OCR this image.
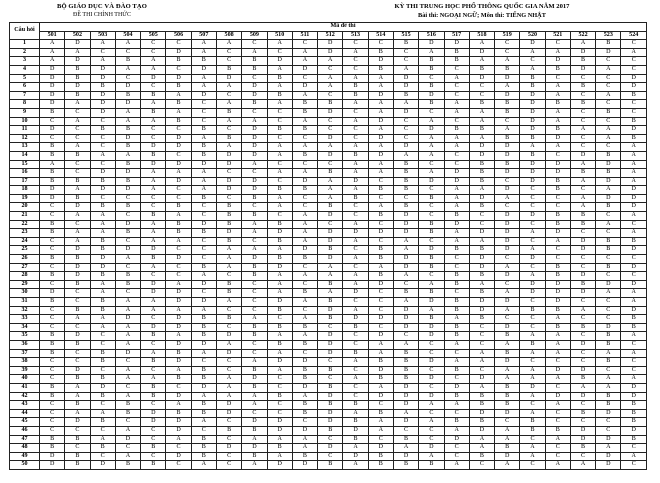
BỘ GIÁO DỤC VÀ ĐÀO TẠO
ĐỀ THI CHÍNH THỨC
KỲ THI TRUNG HỌC PHỔ THÔNG QUỐC GIA NĂM 2017
Bài thi: NGOẠI NGỮ; Môn thi: TIẾNG NHẬT
Câu hỏi	Mã đề thi																							
	501	502	503	504	505	506	507	508	509	510	511	512	513	514	515	516	517	518	519	520	521	522	523	524
1	A	D	A	A	C	C	A	A	C	A	C	D	C	C	B	D	D	A	C	D	C	A	B	C
2	A	A	C	C	C	D	A	C	A	C	A	D	A	B	C	A	B	D	C	A	A	D	D	A
3	A	D	A	B	A	B	B	C	B	D	A	A	C	D	C	B	B	A	A	C	D	B	C	C
4	D	B	D	A	A	C	D	B	B	A	D	C	C	B	A	B	C	B	B	A	B	D	A	C
5	D	B	D	C	D	D	A	D	C	B	C	A	A	A	D	C	A	D	D	B	C	C	C	D
6	D	D	B	D	C	B	A	A	D	A	D	A	B	A	D	B	C	C	A	B	A	B	C	D
7	D	B	D	B	B	A	D	C	D	B	A	C	B	D	B	D	C	C	D	D	A	C	A	B
8	D	A	D	D	A	B	C	A	B	A	B	B	A	A	A	B	A	B	B	D	B	B	C	C
9	B	C	D	A	B	A	C	B	C	C	B	D	C	A	D	C	A	A	B	D	A	C	B	C
10	C	A	C	A	A	B	C	A	A	C	A	C	A	D	C	A	C	A	C	D	A	C	C	B
11	D	C	B	B	C	C	B	C	D	B	B	C	C	A	C	D	B	B	A	D	B	A	A	D
12	C	C	C	D	C	D	A	B	D	C	C	D	C	D	C	A	A	A	B	B	D	C	A	B
13	B	A	C	B	D	D	B	A	D	A	A	A	A	A	D	A	A	D	D	A	A	C	C	A
14	B	B	A	A	B	C	B	D	D	A	B	D	B	D	A	A	C	D	D	B	C	D	B	A
15	A	C	C	B	D	D	D	D	A	C	C	C	A	A	B	C	C	B	B	D	D	A	D	A
16	B	C	D	D	A	A	A	C	C	A	A	B	A	A	B	A	D	B	D	D	D	B	B	A
17	B	B	B	B	A	D	A	D	D	C	D	A	D	C	B	D	D	B	C	D	B	A	D	A
18	D	A	D	D	A	C	A	D	D	B	B	A	A	B	B	C	A	A	D	C	B	C	A	D
19	D	B	C	C	C	C	B	C	B	A	C	A	B	C	C	B	A	D	A	C	C	A	D	D
20	C	D	B	B	C	B	C	B	C	A	C	B	C	A	B	C	A	B	C	C	C	A	B	D
21	C	A	A	C	B	A	C	B	B	C	A	D	C	B	D	C	B	C	D	D	B	B	C	A
22	B	C	A	D	A	B	D	B	A	B	A	C	A	C	D	B	D	C	D	C	B	B	A	C
23	B	A	A	B	A	B	B	D	A	D	A	D	D	D	D	B	A	D	D	A	D	C	C	A
24	C	A	B	C	A	A	C	B	C	B	A	D	A	C	A	C	A	A	D	C	A	D	B	B
25	C	D	B	D	D	C	C	A	A	A	D	B	C	B	A	D	B	B	D	A	C	D	B	D
26	B	B	D	A	B	D	C	A	D	B	B	D	A	B	D	B	C	D	C	D	C	C	C	C
27	C	D	D	C	A	C	B	A	B	D	C	A	C	A	D	B	C	D	A	C	B	C	B	D
28	B	D	B	B	C	C	A	C	B	A	A	A	A	B	A	C	B	B	D	A	B	D	C	C
29	C	B	A	B	D	A	D	B	C	A	C	B	A	D	C	A	B	A	C	D	D	B	D	D
30	D	C	A	C	D	D	C	B	C	A	B	A	D	C	B	B	C	B	A	D	D	D	A	A
31	B	C	B	A	A	D	D	A	C	D	A	B	C	C	A	D	B	D	D	C	D	C	C	A
32	C	B	B	A	A	A	A	C	C	B	C	D	A	C	D	A	B	D	A	B	B	A	C	D
33	C	A	A	D	C	D	B	B	A	C	A	B	D	D	D	B	A	B	C	C	A	C	C	B
34	C	C	A	A	D	D	B	C	B	B	B	C	B	C	D	D	B	C	D	C	B	B	D	B
35	B	D	C	A	B	A	B	D	B	A	A	D	C	D	C	D	B	C	B	A	A	C	B	A
36	B	B	C	A	C	D	D	A	C	B	B	D	C	A	A	C	A	C	A	B	A	D	B	C
37	B	C	B	D	A	B	A	D	C	A	C	D	B	A	B	C	C	A	B	A	A	C	A	A
38	C	C	B	C	B	D	C	C	A	D	D	C	A	B	B	D	A	A	D	C	C	C	B	C
39	C	D	C	A	C	A	B	C	B	A	B	B	C	D	B	C	B	C	A	A	D	D	C	C
40	C	B	B	A	A	B	B	A	D	C	B	C	A	B	B	D	C	D	A	A	A	B	A	A
41	B	A	D	C	B	C	D	A	B	C	D	B	C	A	D	C	D	A	B	D	C	A	A	D
42	B	A	B	A	B	D	A	A	A	B	A	D	C	D	D	D	B	B	B	A	D	D	B	D
43	C	B	C	B	C	A	B	D	A	C	B	B	B	C	D	A	A	B	B	C	A	C	B	B
44	C	A	A	B	D	B	B	D	C	C	B	D	A	B	A	C	C	D	D	A	C	B	D	B
45	C	D	B	C	D	D	A	C	D	D	C	D	B	A	D	A	B	B	C	B	C	C	C	B
46	C	C	C	A	C	D	C	B	B	D	D	B	D	A	C	C	A	D	A	B	B	D	C	D
47	B	B	A	D	C	A	B	C	A	A	A	C	B	C	B	C	D	A	A	C	A	D	D	B
48	B	C	B	C	B	C	B	D	D	B	A	D	A	D	A	D	C	A	B	A	C	B	A	C
49	D	B	C	A	C	D	B	C	B	A	B	C	D	B	D	A	C	B	D	A	C	C	D	A
50	D	B	D	B	B	C	A	C	A	D	D	B	A	B	B	B	A	C	A	C	A	A	D	C
